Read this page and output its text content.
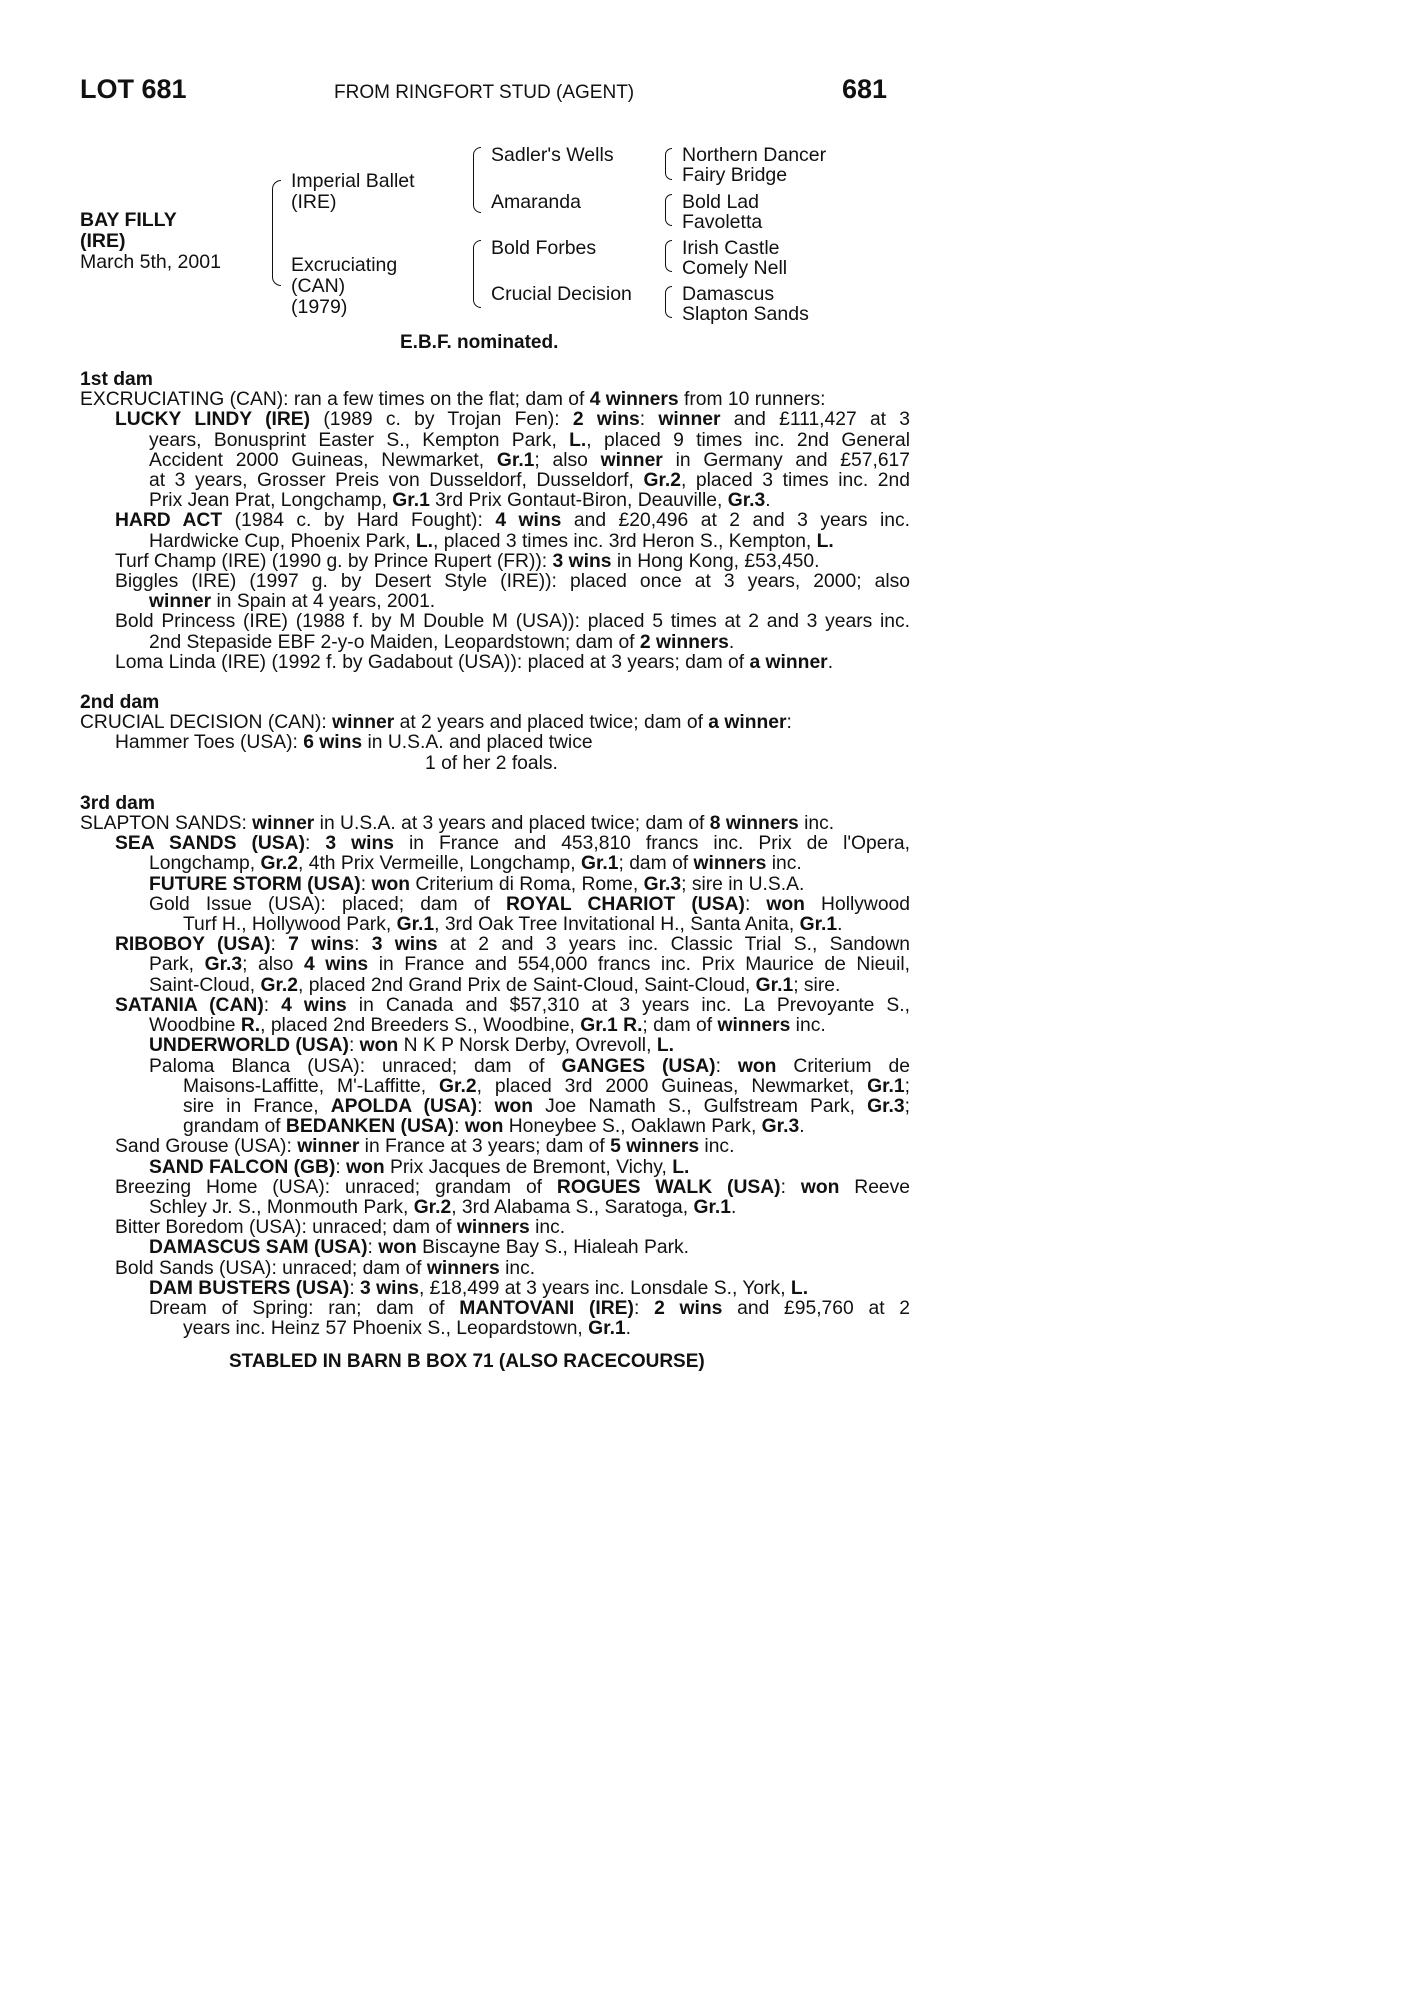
LOT 681	FROM RINGFORT STUD (AGENT)	681
BAY FILLY
(IRE)
March 5th, 2001
Imperial Ballet
(IRE)
Excruciating
(CAN)
(1979)
Sadler's Wells
Amaranda
Bold Forbes
Crucial Decision
Northern Dancer
Fairy Bridge
Bold Lad
Favoletta
Irish Castle
Comely Nell
Damascus
Slapton Sands
E.B.F. nominated.
1st dam
EXCRUCIATING (CAN): ran a few times on the flat; dam of 4 winners from 10 runners:
LUCKY LINDY (IRE) (1989 c. by Trojan Fen): 2 wins: winner and £111,427 at 3
years, Bonusprint Easter S., Kempton Park, L., placed 9 times inc. 2nd General
Accident 2000 Guineas, Newmarket, Gr.1; also winner in Germany and £57,617
at 3 years, Grosser Preis von Dusseldorf, Dusseldorf, Gr.2, placed 3 times inc. 2nd
Prix Jean Prat, Longchamp, Gr.1 3rd Prix Gontaut-Biron, Deauville, Gr.3.
HARD ACT (1984 c. by Hard Fought): 4 wins and £20,496 at 2 and 3 years inc.
Hardwicke Cup, Phoenix Park, L., placed 3 times inc. 3rd Heron S., Kempton, L.
Turf Champ (IRE) (1990 g. by Prince Rupert (FR)): 3 wins in Hong Kong, £53,450.
Biggles (IRE) (1997 g. by Desert Style (IRE)): placed once at 3 years, 2000; also
winner in Spain at 4 years, 2001.
Bold Princess (IRE) (1988 f. by M Double M (USA)): placed 5 times at 2 and 3 years inc.
2nd Stepaside EBF 2-y-o Maiden, Leopardstown; dam of 2 winners.
Loma Linda (IRE) (1992 f. by Gadabout (USA)): placed at 3 years; dam of a winner.
2nd dam
CRUCIAL DECISION (CAN): winner at 2 years and placed twice; dam of a winner:
Hammer Toes (USA): 6 wins in U.S.A. and placed twice
1 of her 2 foals.
3rd dam
SLAPTON SANDS: winner in U.S.A. at 3 years and placed twice; dam of 8 winners inc.
SEA SANDS (USA): 3 wins in France and 453,810 francs inc. Prix de l'Opera,
Longchamp, Gr.2, 4th Prix Vermeille, Longchamp, Gr.1; dam of winners inc.
FUTURE STORM (USA): won Criterium di Roma, Rome, Gr.3; sire in U.S.A.
Gold Issue (USA): placed; dam of ROYAL CHARIOT (USA): won Hollywood
Turf H., Hollywood Park, Gr.1, 3rd Oak Tree Invitational H., Santa Anita, Gr.1.
RIBOBOY (USA): 7 wins: 3 wins at 2 and 3 years inc. Classic Trial S., Sandown
Park, Gr.3; also 4 wins in France and 554,000 francs inc. Prix Maurice de Nieuil,
Saint-Cloud, Gr.2, placed 2nd Grand Prix de Saint-Cloud, Saint-Cloud, Gr.1; sire.
SATANIA (CAN): 4 wins in Canada and $57,310 at 3 years inc. La Prevoyante S.,
Woodbine R., placed 2nd Breeders S., Woodbine, Gr.1 R.; dam of winners inc.
UNDERWORLD (USA): won N K P Norsk Derby, Ovrevoll, L.
Paloma Blanca (USA): unraced; dam of GANGES (USA): won Criterium de
Maisons-Laffitte, M'-Laffitte, Gr.2, placed 3rd 2000 Guineas, Newmarket, Gr.1;
sire in France, APOLDA (USA): won Joe Namath S., Gulfstream Park, Gr.3;
grandam of BEDANKEN (USA): won Honeybee S., Oaklawn Park, Gr.3.
Sand Grouse (USA): winner in France at 3 years; dam of 5 winners inc.
SAND FALCON (GB): won Prix Jacques de Bremont, Vichy, L.
Breezing Home (USA): unraced; grandam of ROGUES WALK (USA): won Reeve
Schley Jr. S., Monmouth Park, Gr.2, 3rd Alabama S., Saratoga, Gr.1.
Bitter Boredom (USA): unraced; dam of winners inc.
DAMASCUS SAM (USA): won Biscayne Bay S., Hialeah Park.
Bold Sands (USA): unraced; dam of winners inc.
DAM BUSTERS (USA): 3 wins, £18,499 at 3 years inc. Lonsdale S., York, L.
Dream of Spring: ran; dam of MANTOVANI (IRE): 2 wins and £95,760 at 2
years inc. Heinz 57 Phoenix S., Leopardstown, Gr.1.
STABLED IN BARN B BOX 71 (ALSO RACECOURSE)
